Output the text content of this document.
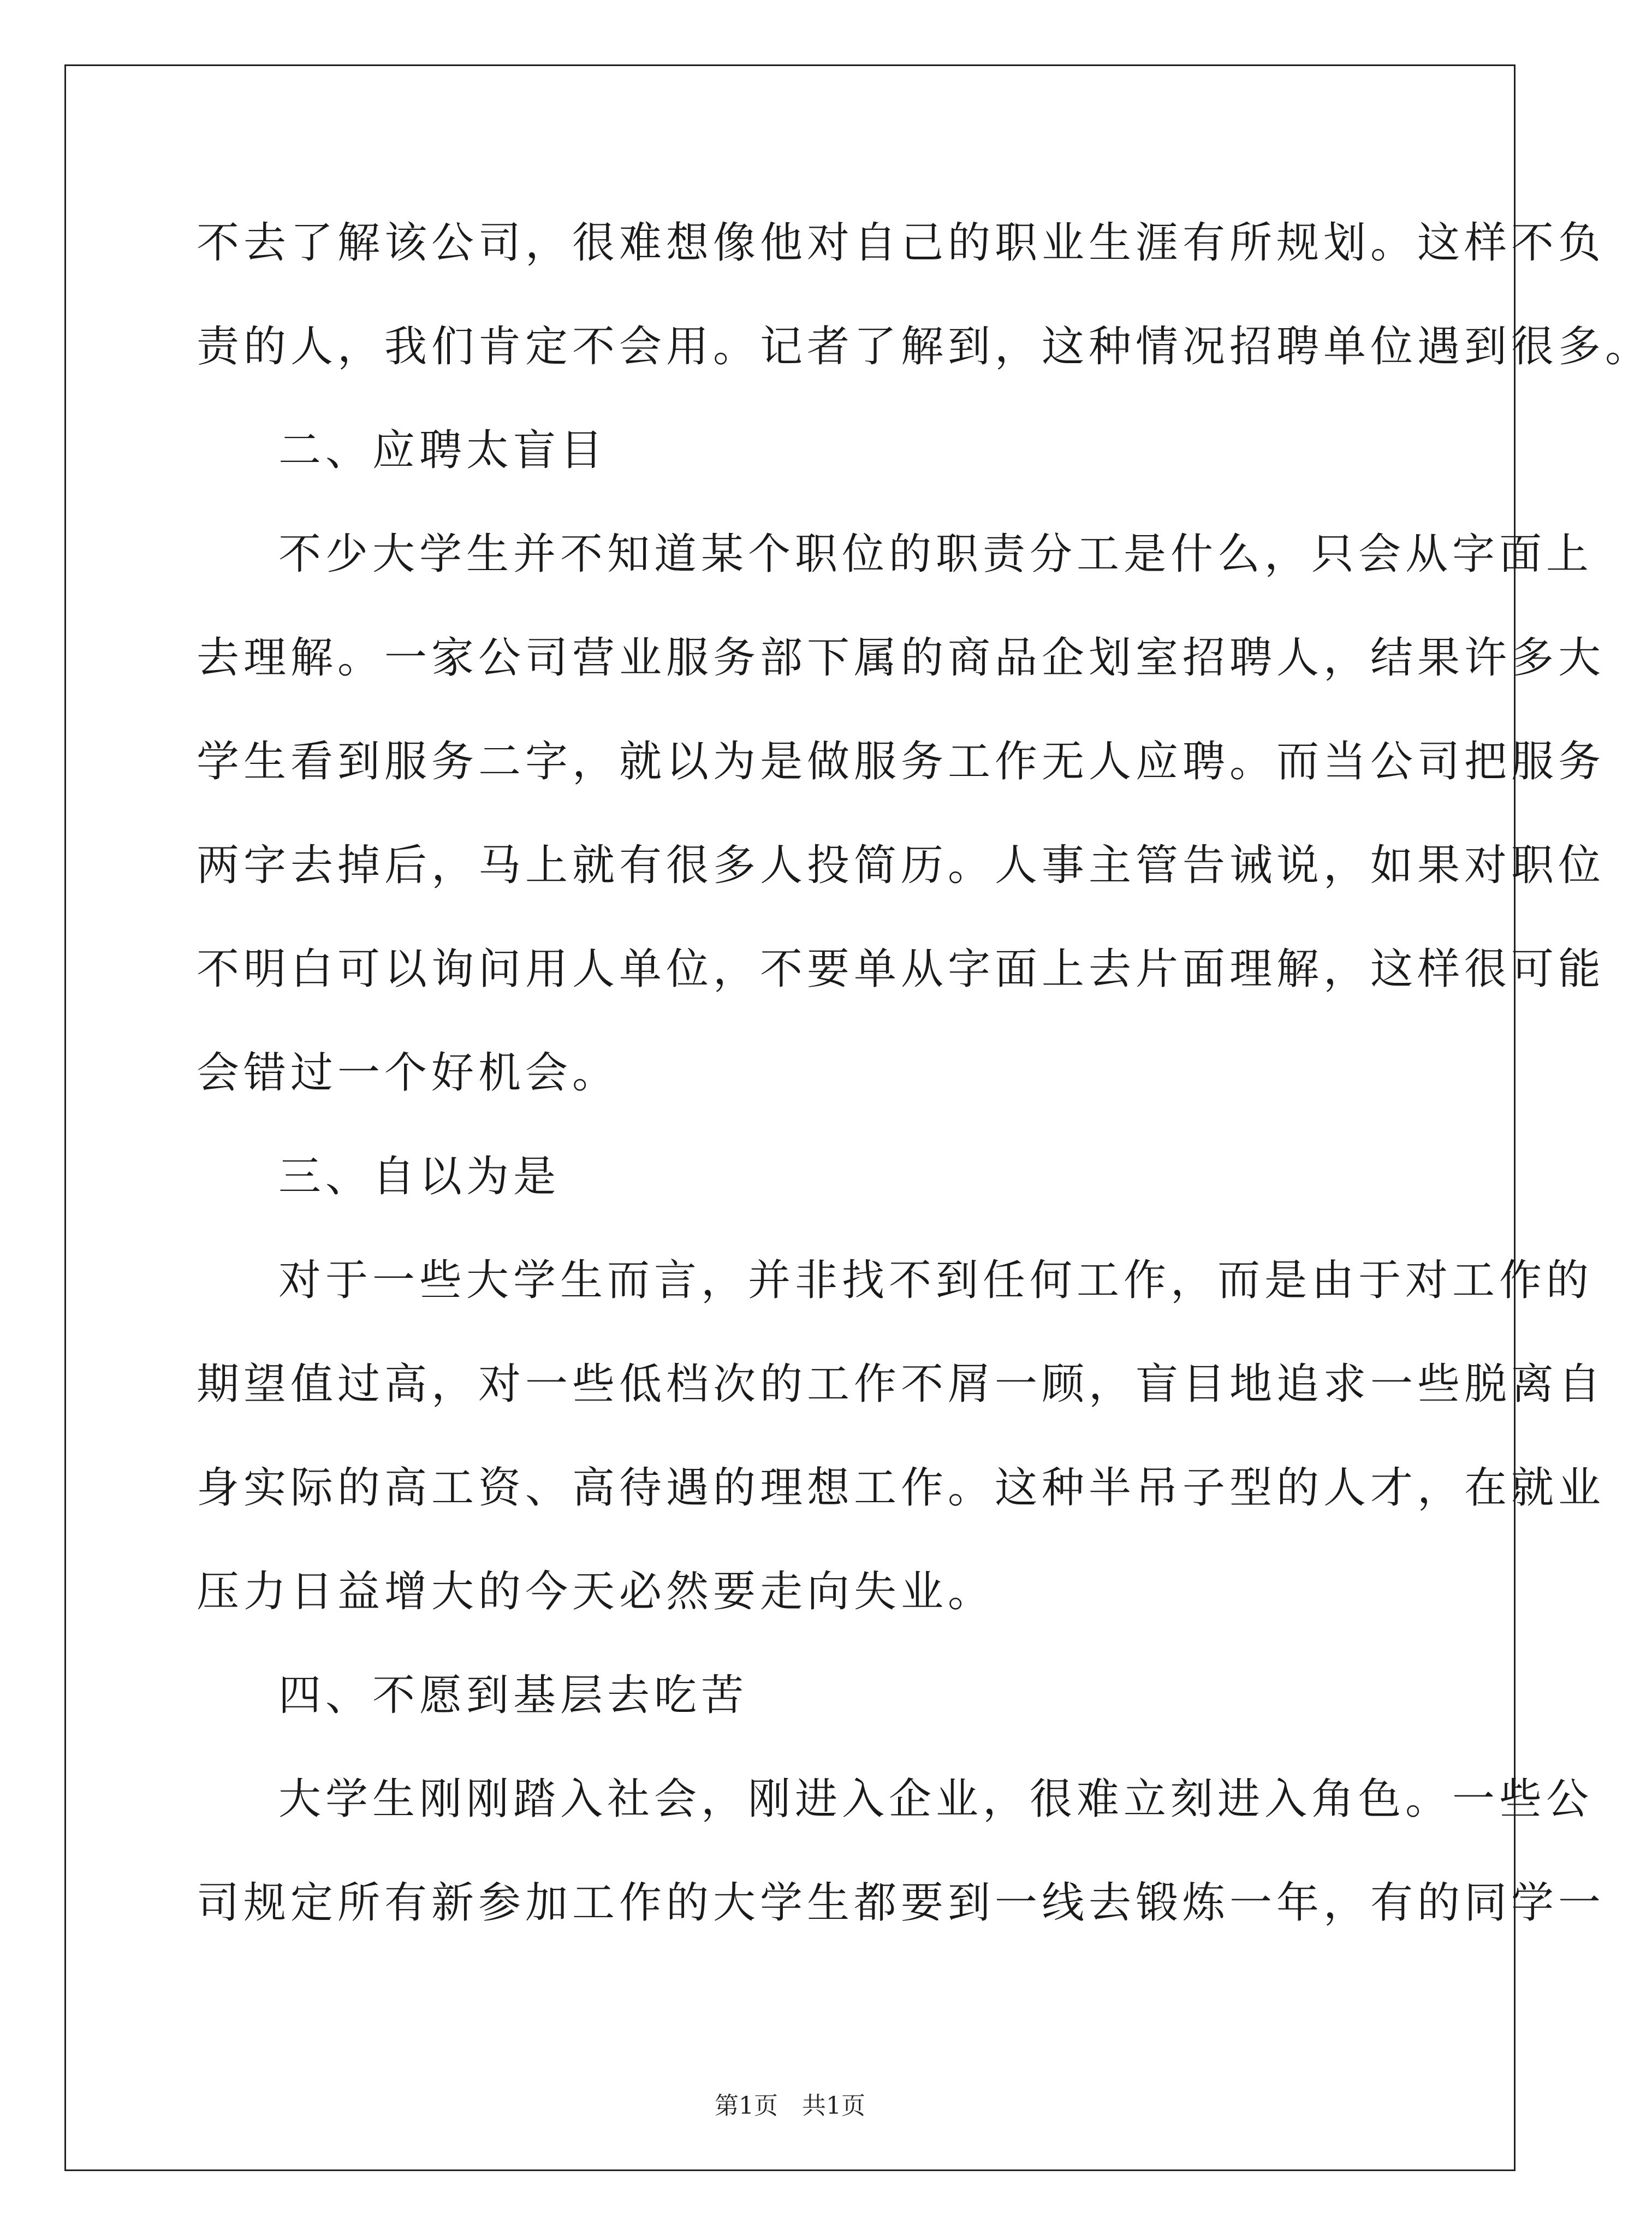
不去了解该公司，很难想像他对自己的职业生涯有所规划。这样不负
责的人，我们肯定不会用。记者了解到，这种情况招聘单位遇到很多。
二、应聘太盲目
不少大学生并不知道某个职位的职责分工是什么，只会从字面上
去理解。一家公司营业服务部下属的商品企划室招聘人，结果许多大
学生看到服务二字，就以为是做服务工作无人应聘。而当公司把服务
两字去掉后，马上就有很多人投简历。人事主管告诫说，如果对职位
不明白可以询问用人单位，不要单从字面上去片面理解，这样很可能
会错过一个好机会。
三、自以为是
对于一些大学生而言，并非找不到任何工作，而是由于对工作的
期望值过高，对一些低档次的工作不屑一顾，盲目地追求一些脱离自
身实际的高工资、高待遇的理想工作。这种半吊子型的人才，在就业
压力日益增大的今天必然要走向失业。
四、不愿到基层去吃苦
大学生刚刚踏入社会，刚进入企业，很难立刻进入角色。一些公
司规定所有新参加工作的大学生都要到一线去锻炼一年，有的同学一
第1页　共1页
